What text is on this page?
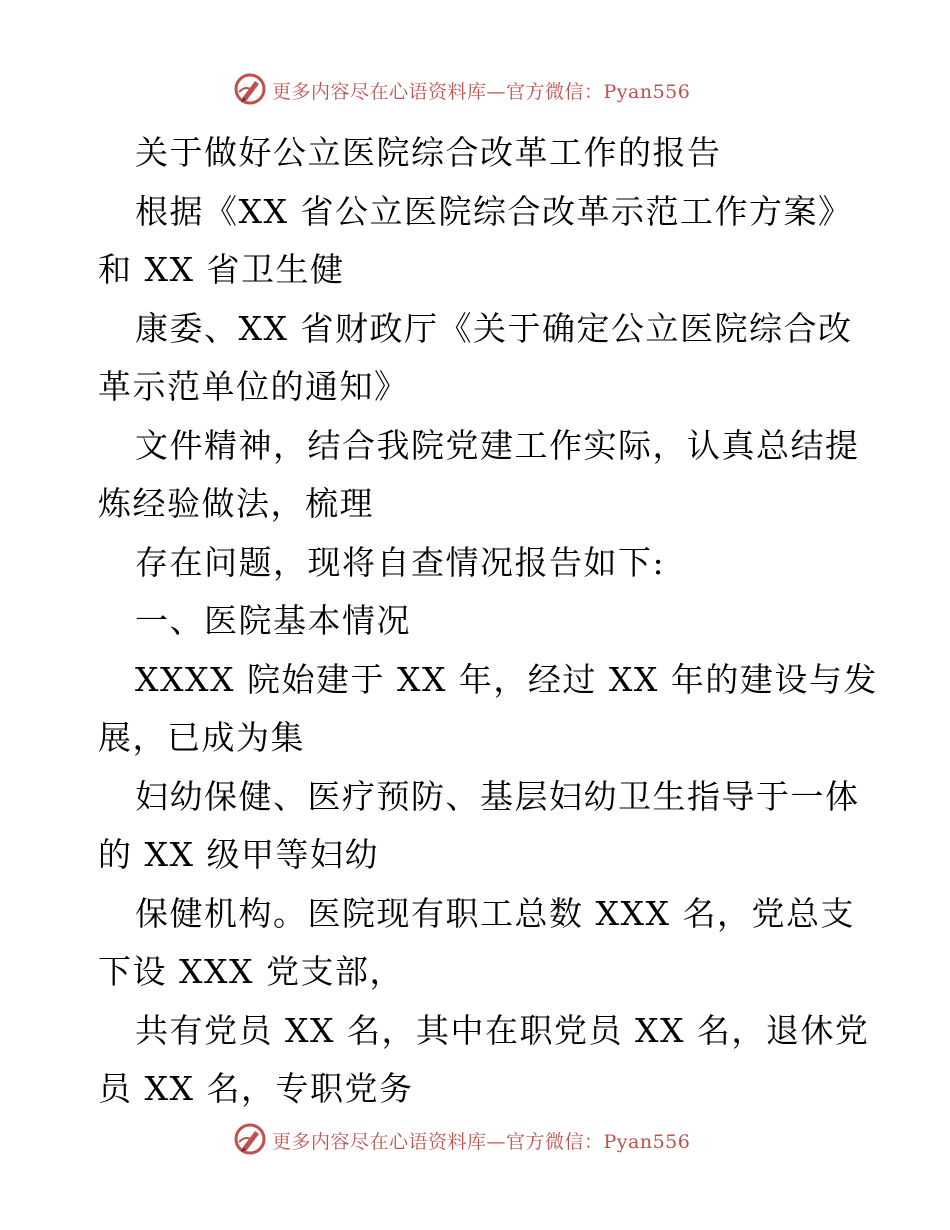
更多内容尽在心语资料库—官方微信：Pyan556

关于做好公立医院综合改革工作的报告

根据《XX 省公立医院综合改革示范工作方案》

和 XX 省卫生健

康委、XX 省财政厅《关于确定公立医院综合改

革示范单位的通知》

文件精神，结合我院党建工作实际，认真总结提

炼经验做法，梳理

存在问题，现将自查情况报告如下:

一、医院基本情况

XXXX 院始建于 XX 年，经过 XX 年的建设与发

展，已成为集

妇幼保健、医疗预防、基层妇幼卫生指导于一体

的 XX 级甲等妇幼

保健机构。医院现有职工总数 XXX 名，党总支

下设 XXX 党支部，

共有党员 XX 名，其中在职党员 XX 名，退休党

员 XX 名，专职党务

更多内容尽在心语资料库—官方微信：Pyan556
